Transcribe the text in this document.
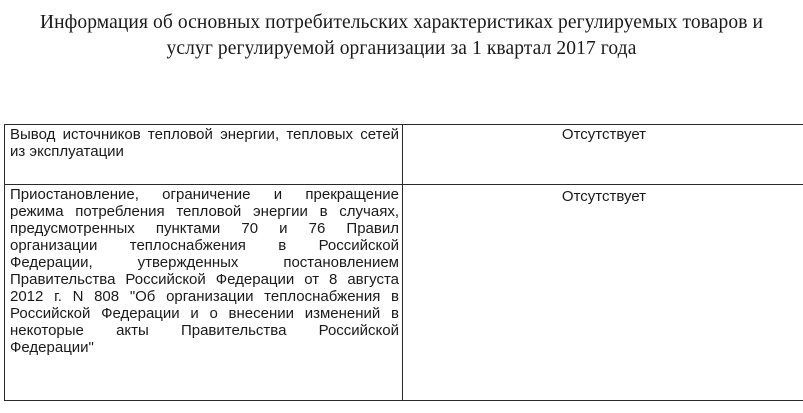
Информация об основных потребительских характеристиках регулируемых товаров и
услуг регулируемой организации за 1 квартал 2017 года
Вывод источников тепловой энергии, тепловых сетей из эксплуатации	Отсутствует
Приостановление, ограничение и прекращение режима потребления тепловой энергии в случаях, предусмотренных пунктами 70 и 76 Правил организации теплоснабжения в Российской Федерации, утвержденных постановлением Правительства Российской Федерации от 8 августа 2012 г. N 808 "Об организации теплоснабжения в Российской Федерации и о внесении изменений в некоторые акты Правительства Российской Федерации"	Отсутствует
